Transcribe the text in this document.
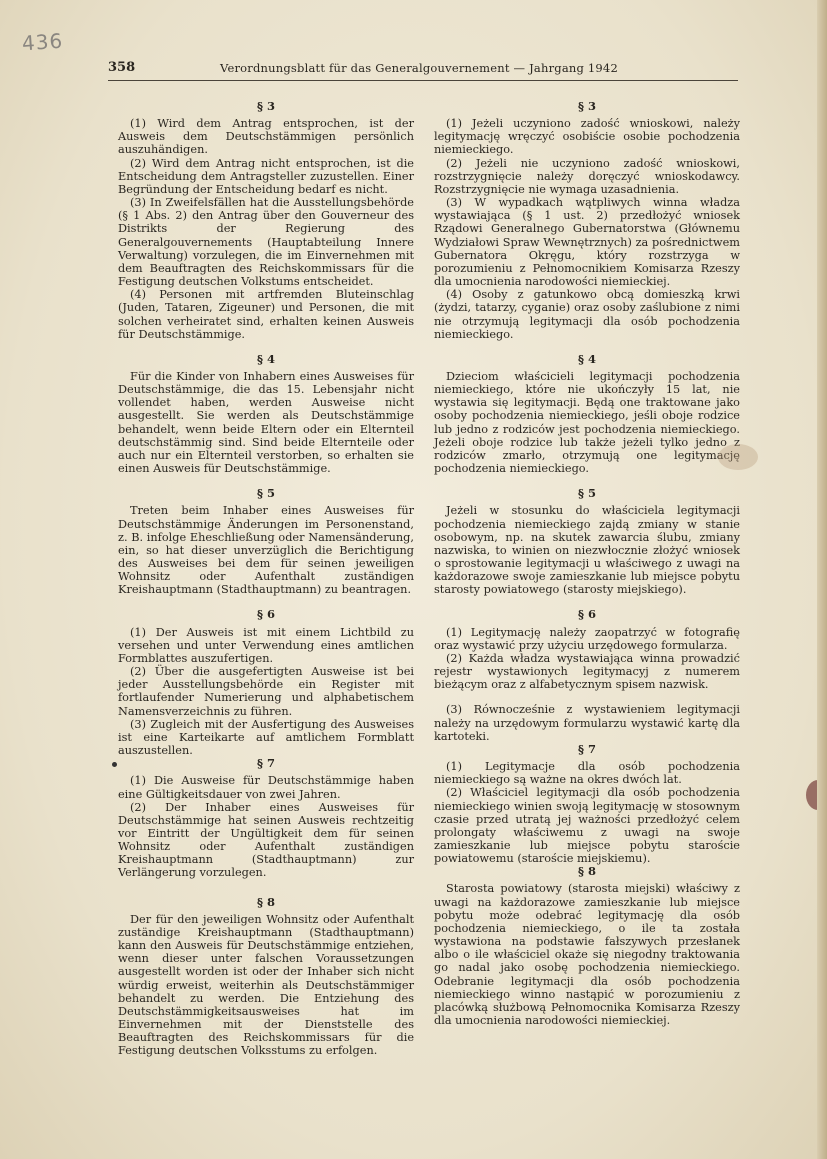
436
358	Verordnungsblatt für das Generalgouvernement — Jahrgang 1942
§ 3
(1) Wird dem Antrag entsprochen, ist der Ausweis dem Deutschstämmigen persönlich auszuhändigen.
(2) Wird dem Antrag nicht entsprochen, ist die Entscheidung dem Antragsteller zuzustellen. Einer Begründung der Entscheidung bedarf es nicht.
(3) In Zweifelsfällen hat die Ausstellungsbehörde (§ 1 Abs. 2) den Antrag über den Gouverneur des Distrikts der Regierung des Generalgouvernements (Hauptabteilung Innere Verwaltung) vorzulegen, die im Einvernehmen mit dem Beauftragten des Reichskommissars für die Festigung deutschen Volkstums entscheidet.
(4) Personen mit artfremden Bluteinschlag (Juden, Tataren, Zigeuner) und Personen, die mit solchen verheiratet sind, erhalten keinen Ausweis für Deutschstämmige.
§ 4
Für die Kinder von Inhabern eines Ausweises für Deutschstämmige, die das 15. Lebensjahr nicht vollendet haben, werden Ausweise nicht ausgestellt. Sie werden als Deutschstämmige behandelt, wenn beide Eltern oder ein Elternteil deutschstämmig sind. Sind beide Elternteile oder auch nur ein Elternteil verstorben, so erhalten sie einen Ausweis für Deutschstämmige.
§ 5
Treten beim Inhaber eines Ausweises für Deutschstämmige Änderungen im Personenstand, z. B. infolge Eheschließung oder Namensänderung, ein, so hat dieser unverzüglich die Berichtigung des Ausweises bei dem für seinen jeweiligen Wohnsitz oder Aufenthalt zuständigen Kreishauptmann (Stadthauptmann) zu beantragen.
§ 6
(1) Der Ausweis ist mit einem Lichtbild zu versehen und unter Verwendung eines amtlichen Formblattes auszufertigen.
(2) Über die ausgefertigten Ausweise ist bei jeder Ausstellungsbehörde ein Register mit fortlaufender Numerierung und alphabetischem Namensverzeichnis zu führen.
(3) Zugleich mit der Ausfertigung des Ausweises ist eine Karteikarte auf amtlichem Formblatt auszustellen.
§ 7
(1) Die Ausweise für Deutschstämmige haben eine Gültigkeitsdauer von zwei Jahren.
(2) Der Inhaber eines Ausweises für Deutschstämmige hat seinen Ausweis rechtzeitig vor Eintritt der Ungültigkeit dem für seinen Wohnsitz oder Aufenthalt zuständigen Kreishauptmann (Stadthauptmann) zur Verlängerung vorzulegen.
§ 8
Der für den jeweiligen Wohnsitz oder Aufenthalt zuständige Kreishauptmann (Stadthauptmann) kann den Ausweis für Deutschstämmige entziehen, wenn dieser unter falschen Voraussetzungen ausgestellt worden ist oder der Inhaber sich nicht würdig erweist, weiterhin als Deutschstämmiger behandelt zu werden. Die Entziehung des Deutschstämmigkeitsausweises hat im Einvernehmen mit der Dienststelle des Beauftragten des Reichskommissars für die Festigung deutschen Volksstums zu erfolgen.
§ 3
(1) Jeżeli uczyniono zadość wnioskowi, należy legitymację wręczyć osobiście osobie pochodzenia niemieckiego.
(2) Jeżeli nie uczyniono zadość wnioskowi, rozstrzygnięcie należy doręczyć wnioskodawcy. Rozstrzygnięcie nie wymaga uzasadnienia.
(3) W wypadkach wątpliwych winna władza wystawiająca (§ 1 ust. 2) przedłożyć wniosek Rządowi Generalnego Gubernatorstwa (Głównemu Wydziałowi Spraw Wewnętrznych) za pośrednictwem Gubernatora Okręgu, który rozstrzyga w porozumieniu z Pełnomocnikiem Komisarza Rzeszy dla umocnienia narodowości niemieckiej.
(4) Osoby z gatunkowo obcą domieszką krwi (żydzi, tatarzy, cyganie) oraz osoby zaślubione z nimi nie otrzymują legitymacji dla osób pochodzenia niemieckiego.
§ 4
Dzieciom właścicieli legitymacji pochodzenia niemieckiego, które nie ukończyły 15 lat, nie wystawia się legitymacji. Będą one traktowane jako osoby pochodzenia niemieckiego, jeśli oboje rodzice lub jedno z rodziców jest pochodzenia niemieckiego. Jeżeli oboje rodzice lub także jeżeli tylko jedno z rodziców zmarło, otrzymują one legitymację pochodzenia niemieckiego.
§ 5
Jeżeli w stosunku do właściciela legitymacji pochodzenia niemieckiego zajdą zmiany w stanie osobowym, np. na skutek zawarcia ślubu, zmiany nazwiska, to winien on niezwłocznie złożyć wniosek o sprostowanie legitymacji u właściwego z uwagi na każdorazowe swoje zamieszkanie lub miejsce pobytu starosty powiatowego (starosty miejskiego).
§ 6
(1) Legitymację należy zaopatrzyć w fotografię oraz wystawić przy użyciu urzędowego formularza.
(2) Każda władza wystawiająca winna prowadzić rejestr wystawionych legitymacyj z numerem bieżącym oraz z alfabetycznym spisem nazwisk.
(3) Równocześnie z wystawieniem legitymacji należy na urzędowym formularzu wystawić kartę dla kartoteki.
§ 7
(1) Legitymacje dla osób pochodzenia niemieckiego są ważne na okres dwóch lat.
(2) Właściciel legitymacji dla osób pochodzenia niemieckiego winien swoją legitymację w stosownym czasie przed utratą jej ważności przedłożyć celem prolongaty właściwemu z uwagi na swoje zamieszkanie lub miejsce pobytu staroście powiatowemu (staroście miejskiemu).
§ 8
Starosta powiatowy (starosta miejski) właściwy z uwagi na każdorazowe zamieszkanie lub miejsce pobytu może odebrać legitymację dla osób pochodzenia niemieckiego, o ile ta została wystawiona na podstawie fałszywych przesłanek albo o ile właściciel okaże się niegodny traktowania go nadal jako osobę pochodzenia niemieckiego. Odebranie legitymacji dla osób pochodzenia niemieckiego winno nastąpić w porozumieniu z placówką służbową Pełnomocnika Komisarza Rzeszy dla umocnienia narodowości niemieckiej.
